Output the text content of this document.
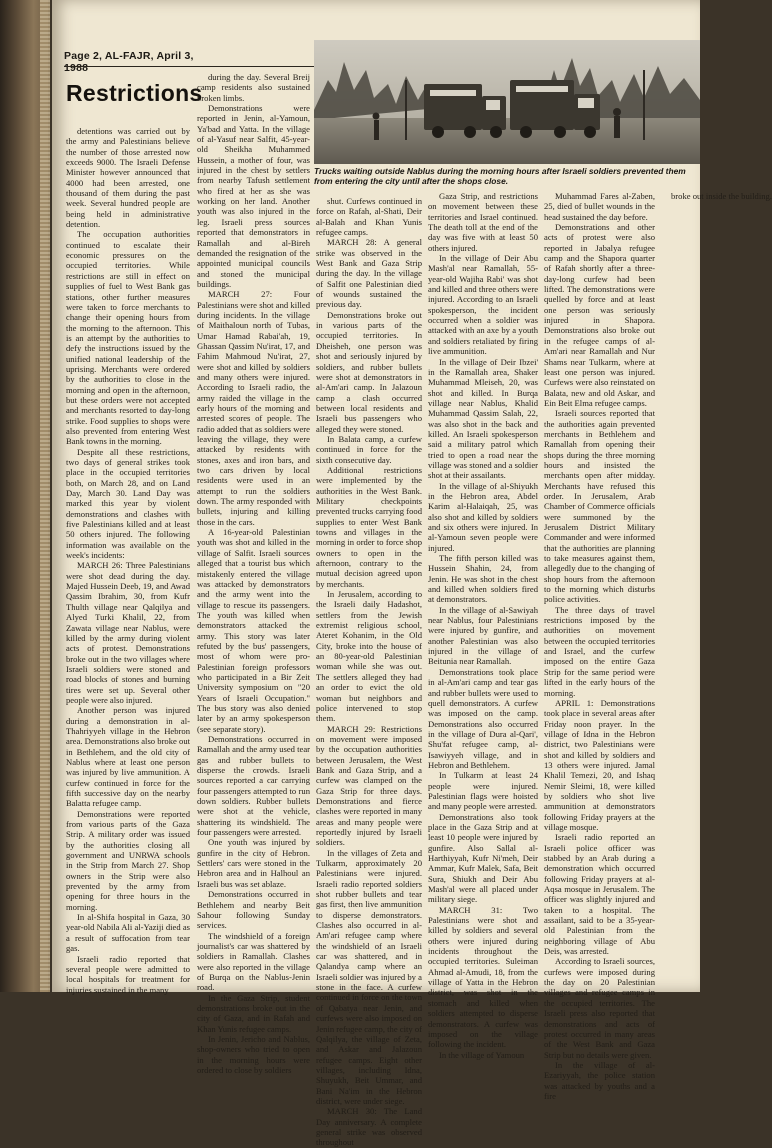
Page 2, AL-FAJR, April 3, 1988
Restrictions
Trucks waiting outside Nablus during the morning hours after Israeli soldiers prevented them from entering the city until after the shops close.

detentions was carried out by the army and Palestinians believe the number of those arrested now exceeds 9000. The Israeli Defense Minister however announced that 4000 had been arrested, one thousand of them during the past week. Several hundred people are being held in administrative detention.

The occupation authorities continued to escalate their economic pressures on the occupied territories. While restrictions are still in effect on supplies of fuel to West Bank gas stations, other further measures were taken to force merchants to change their opening hours from the morning to the afternoon. This is an attempt by the authorities to defy the instructions issued by the unified national leadership of the uprising. Merchants were ordered by the authorities to close in the morning and open in the afternoon, but these orders were not accepted and merchants resorted to day-long strike. Food supplies to shops were also prevented from entering West Bank towns in the morning.

Despite all these restrictions, two days of general strikes took place in the occupied territories both, on March 28, and on Land Day, March 30. Land Day was marked this year by violent demonstrations and clashes with five Palestinians killed and at least 50 others injured. The following information was available on the week's incidents:

MARCH 26: Three Palestinians were shot dead during the day. Majed Hussein Deeb, 19, and Awad Qassim Ibrahim, 30, from Kufr Thulth village near Qalqilya and Alyed Turki Khalil, 22, from Zawata village near Nablus, were killed by the army during violent acts of protest. Demonstrations broke out in the two villages where Israeli soldiers were stoned and road blocks of stones and burning tires were set up. Several other people were also injured.

Another person was injured during a demonstration in al-Thahriyyeh village in the Hebron area. Demonstrations also broke out in Bethlehem, and the old city of Nablus where at least one person was injured by live ammunition. A curfew continued in force for the fifth successive day on the nearby Balatta refugee camp.

Demonstrations were reported from various parts of the Gaza Strip. A military order was issued by the authorities closing all government and UNRWA schools in the Strip from March 27. Shop owners in the Strip were also prevented by the army from opening for three hours in the morning.

In al-Shifa hospital in Gaza, 30 year-old Nabila Ali al-Yaziji died as a result of suffocation from tear gas.

Israeli radio reported that several people were admitted to local hospitals for treatment for injuries sustained in the many

during the day. Several Breij camp residents also sustained broken limbs.

Demonstrations were reported in Jenin, al-Yamoun, Ya'bad and Yatta. In the village of al-Yasuf near Salfit, 45-year-old Sheikha Muhammed Hussein, a mother of four, was injured in the chest by settlers from nearby Tafush settlement who fired at her as she was working on her land. Another youth was also injured in the leg. Israeli press sources reported that demonstrators in Ramallah and al-Bireh demanded the resignation of the appointed municipal councils and stoned the municipal buildings.

MARCH 27: Four Palestinians were shot and killed during incidents. In the village of Maithaloun north of Tubas, Umar Hamad Rabai'ah, 19, Ghassan Qassim Nu'irat, 17, and Fahim Mahmoud Nu'irat, 27, were shot and killed by soldiers and many others were injured. According to Israeli radio, the army raided the village in the early hours of the morning and arrested scores of people. The radio added that as soldiers were leaving the village, they were attacked by residents with stones, axes and iron bars, and two cars driven by local residents were used in an attempt to run the soldiers down. The army responded with bullets, injuring and killing those in the cars.

A 16-year-old Palestinian youth was shot and killed in the village of Salfit. Israeli sources alleged that a tourist bus which mistakenly entered the village was attacked by demonstrators and the army went into the village to rescue its passengers. The youth was killed when demonstrators attacked the army. This story was later refuted by the bus' passengers, most of whom were pro-Palestinian foreign professors who participated in a Bir Zeit University symposium on "20 Years of Israeli Occupation." The bus story was also denied later by an army spokesperson (see separate story).

Demonstrations occurred in Ramallah and the army used tear gas and rubber bullets to disperse the crowds. Israeli sources reported a car carrying four passengers attempted to run down soldiers. Rubber bullets were shot at the vehicle, shattering its windshield. The four passengers were arrested.

One youth was injured by gunfire in the city of Hebron. Settlers' cars were stoned in the Hebron area and in Halhoul an Israeli bus was set ablaze.

Demonstrations occurred in Bethlehem and nearby Beit Sahour following Sunday services.

The windshield of a foreign journalist's car was shattered by soldiers in Ramallah. Clashes were also reported in the village of Burqa on the Nablus-Jenin road.

In the Gaza Strip, student demonstrations broke out in the city of Gaza, and in Rafah and Khan Yunis refugee camps.

In Jenin, Jericho and Nablus, shop-owners who tried to open in the morning hours were ordered to close by soldiers

shut. Curfews continued in force on Rafah, al-Shati, Deir al-Balah and Khan Yunis refugee camps.

MARCH 28: A general strike was observed in the West Bank and Gaza Strip during the day. In the village of Salfit one Palestinian died of wounds sustained the previous day.

Demonstrations broke out in various parts of the occupied territories. In Dheisheh, one person was shot and seriously injured by soldiers, and rubber bullets were shot at demonstrators in al-Am'ari camp. In Jalazoun camp a clash occurred between local residents and Israeli bus passengers who alleged they were stoned.

In Balata camp, a curfew continued in force for the sixth consecutive day.

Additional restrictions were implemented by the authorities in the West Bank. Military checkpoints prevented trucks carrying food supplies to enter West Bank towns and villages in the morning in order to force shop owners to open in the afternoon, contrary to the mutual decision agreed upon by merchants.

In Jerusalem, according to the Israeli daily Hadashot, settlers from the Jewish extremist religious school, Ateret Kohanim, in the Old City, broke into the house of an 80-year-old Palestinian woman while she was out. The settlers alleged they had an order to evict the old woman but neighbors and police intervened to stop them.

MARCH 29: Restrictions on movement were imposed by the occupation authorities between Jerusalem, the West Bank and Gaza Strip, and a curfew was clamped on the Gaza Strip for three days. Demonstrations and fierce clashes were reported in many areas and many people were reportedly injured by Israeli soldiers.

In the villages of Zeta and Tulkarm, approximately 20 Palestinians were injured. Israeli radio reported soldiers shot rubber bullets and tear gas first, then live ammunition to disperse demonstrators. Clashes also occurred in al-Am'ari refugee camp where the windshield of an Israeli car was shattered, and in Qalandya camp where an Israeli soldier was injured by a stone in the face. A curfew continued in force on the town of Qabatya near Jenin, and curfews were also imposed on Jenin refugee camp, the city of Qalqilya, the village of Zeta, and Askar and Jalazoun refugee camps. Eight other villages, including Idna, Shuyukh, Beit Ummar, and Bani Na'im in the Hebron district, were under siege.

MARCH 30: The Land Day anniversary. A complete general strike was observed throughout

Gaza Strip, and restrictions on movement between these territories and Israel continued. The death toll at the end of the day was five with at least 50 others injured.

In the village of Deir Abu Mash'al near Ramallah, 55-year-old Wajiha Rabi' was shot and killed and three others were injured. According to an Israeli spokesperson, the incident occurred when a soldier was attacked with an axe by a youth and soldiers retaliated by firing live ammunition.

In the village of Deir Ibzei' in the Ramallah area, Shaker Muhammad Mleiseh, 20, was shot and killed. In Burqa village near Nablus, Khalid Muhammad Qassim Salah, 22, was also shot in the back and killed. An Israeli spokesperson said a military patrol which tried to open a road near the village was stoned and a soldier shot at their assailants.

In the village of al-Shiyukh in the Hebron area, Abdel Karim al-Halaiqah, 25, was also shot and killed by soldiers and six others were injured. In al-Yamoun seven people were injured.

The fifth person killed was Hussein Shahin, 24, from Jenin. He was shot in the chest and killed when soldiers fired at demonstrators.

In the village of al-Sawiyah near Nablus, four Palestinians were injured by gunfire, and another Palestinian was also injured in the village of Beitunia near Ramallah.

Demonstrations took place in al-Am'ari camp and tear gas and rubber bullets were used to quell demonstrators. A curfew was imposed on the camp. Demonstrations also occurred in the village of Dura al-Qari', Shu'fat refugee camp, al-Isawiyyeh village, and in Hebron and Bethlehem.

In Tulkarm at least 24 people were injured. Palestinian flags were hoisted and many people were arrested.

Demonstrations also took place in the Gaza Strip and at least 10 people were injured by gunfire. Also Sallal al-Harthiyyah, Kufr Ni'meh, Deir Ammar, Kufr Malek, Safa, Beit Sura, Shiukh and Deir Abu Mash'al were all placed under military siege.

MARCH 31: Two Palestinians were shot and killed by soldiers and several others were injured during incidents throughout the occupied territories. Suleiman Ahmad al-Amudi, 18, from the village of Yatta in the Hebron district, was shot in the stomach and killed when soldiers attempted to disperse demonstrators. A curfew was imposed on the village following the incident.

In the village of Yamoun

Muhammad Fares al-Zaben, 25, died of bullet wounds in the head sustained the day before.

Demonstrations and other acts of protest were also reported in Jabalya refugee camp and the Shapora quarter of Rafah shortly after a three-day-long curfew had been lifted. The demonstrations were quelled by force and at least one person was seriously injured in Shapora. Demonstrations also broke out in the refugee camps of al-Am'ari near Ramallah and Nur Shams near Tulkarm, where at least one person was injured. Curfews were also reinstated on Balata, new and old Askar, and Ein Beit Elma refugee camps.

Israeli sources reported that the authorities again prevented merchants in Bethlehem and Ramallah from opening their shops during the three morning hours and insisted the merchants open after midday. Merchants have refused this order. In Jerusalem, Arab Chamber of Commerce officials were summoned by the Jerusalem District Military Commander and were informed that the authorities are planning to take measures against them, allegedly due to the changing of shop hours from the afternoon to the morning which disturbs police activities.

The three days of travel restrictions imposed by the authorities on movement between the occupied territories and Israel, and the curfew imposed on the entire Gaza Strip for the same period were lifted in the early hours of the morning.

APRIL 1: Demonstrations took place in several areas after Friday noon prayer. In the village of Idna in the Hebron district, two Palestinians were shot and killed by soldiers and 13 others were injured. Jamal Khalil Temezi, 20, and Ishaq Nemir Sleimi, 18, were killed by soldiers who shot live ammunition at demonstrators following Friday prayers at the village mosque.

Israeli radio reported an Israeli police officer was stabbed by an Arab during a demonstration which occurred following Friday prayers at al-Aqsa mosque in Jerusalem. The officer was slightly injured and taken to a hospital. The assailant, said to be a 35-year-old Palestinian from the neighboring village of Abu Deis, was arrested.

According to Israeli sources, curfews were imposed during the day on 20 Palestinian villages and refugee camps in the occupied territories. The Israeli press also reported that demonstrations and acts of protest occurred in many areas of the West Bank and Gaza Strip but no details were given.

In the village of al-Ezariyyah, the police station was attacked by youths and a fire

broke out inside the building.
